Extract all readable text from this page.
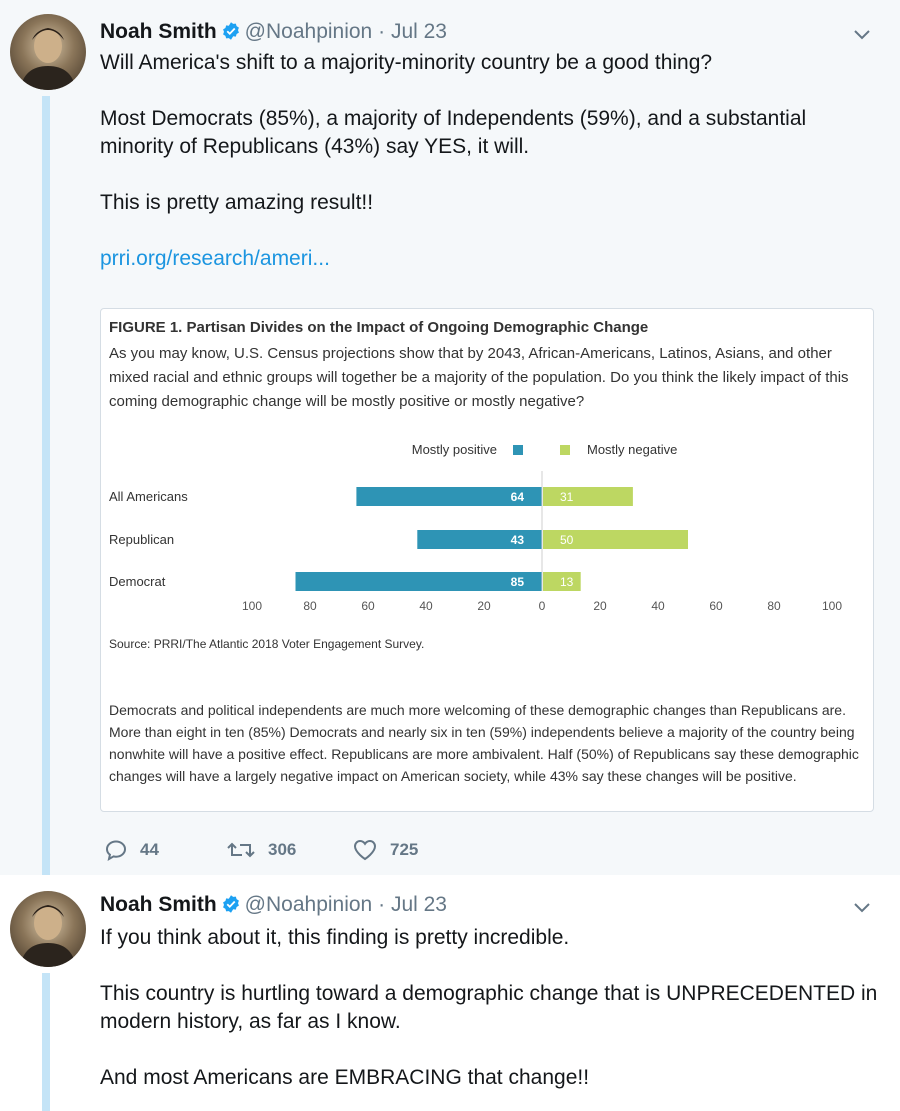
Noah Smith @Noahpinion · Jul 23

Will America's shift to a majority-minority country be a good thing?

Most Democrats (85%), a majority of Independents (59%), and a substantial minority of Republicans (43%) say YES, it will.

This is pretty amazing result!!

prri.org/research/ameri...

FIGURE 1. Partisan Divides on the Impact of Ongoing Demographic Change
As you may know, U.S. Census projections show that by 2043, African-Americans, Latinos, Asians, and other mixed racial and ethnic groups will together be a majority of the population. Do you think the likely impact of this coming demographic change will be mostly positive or mostly negative?
Mostly positive	Mostly negative
All Americans	64	31
Republican	43	50
Democrat	85	13
100	80	60	40	20	0	20	40	60	80	100
Source: PRRI/The Atlantic 2018 Voter Engagement Survey.
Democrats and political independents are much more welcoming of these demographic changes than Republicans are. More than eight in ten (85%) Democrats and nearly six in ten (59%) independents believe a majority of the country being nonwhite will have a positive effect. Republicans are more ambivalent. Half (50%) of Republicans say these demographic changes will have a largely negative impact on American society, while 43% say these changes will be positive.
44	306	725
Noah Smith @Noahpinion · Jul 23

If you think about it, this finding is pretty incredible.

This country is hurtling toward a demographic change that is UNPRECEDENTED in modern history, as far as I know.

And most Americans are EMBRACING that change!!
